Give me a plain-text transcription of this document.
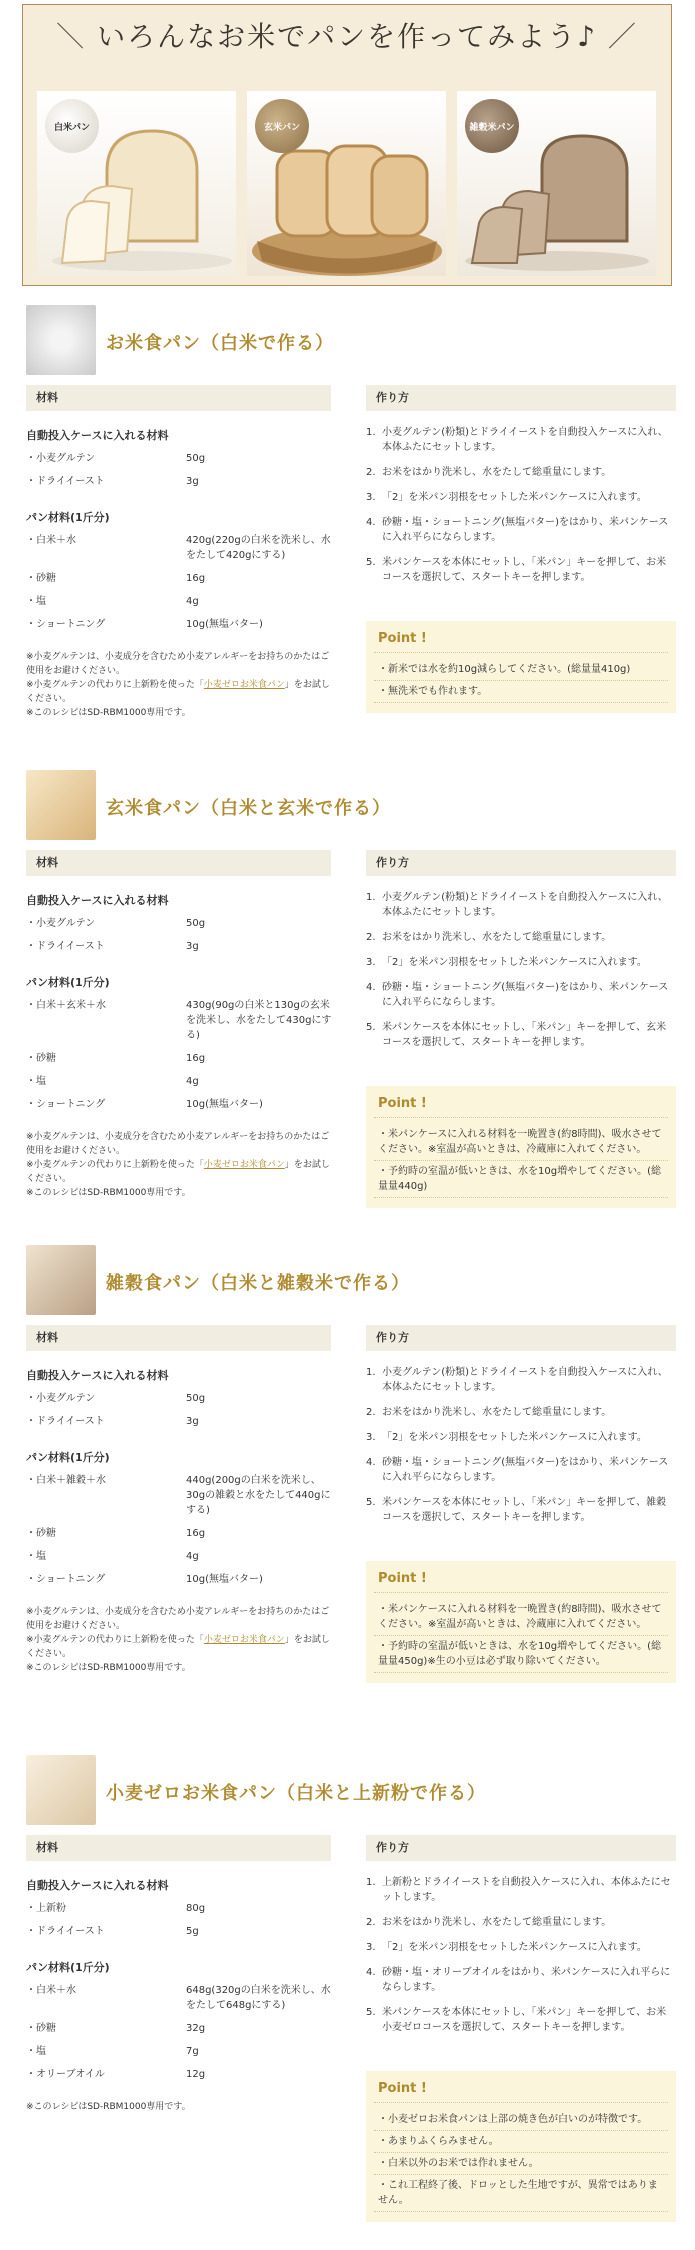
＼ いろんなお米でパンを作ってみよう♪ ／
白米パン	玄米パン	雑穀米パン
お米食パン（白米で作る）
材料	作り方
自動投入ケースに入れる材料
・小麦グルテン	50g
・ドライイースト	3g
パン材料(1斤分)
・白米＋水	420g(220gの白米を洗米し、水をたして420gにする)
・砂糖	16g
・塩	4g
・ショートニング	10g(無塩バター)
※小麦グルテンは、小麦成分を含むため小麦アレルギーをお持ちのかたはご使用をお避けください。
※小麦グルテンの代わりに上新粉を使った「小麦ゼロお米食パン」をお試しください。
※このレシピはSD-RBM1000専用です。
1. 小麦グルテン(粉類)とドライイーストを自動投入ケースに入れ、本体ふたにセットします。
2. お米をはかり洗米し、水をたして総重量にします。
3. 「2」を米パン羽根をセットした米パンケースに入れます。
4. 砂糖・塩・ショートニング(無塩バター)をはかり、米パンケースに入れ平らにならします。
5. 米パンケースを本体にセットし、「米パン」キーを押して、お米コースを選択して、スタートキーを押します。
Point !
・新米では水を約10g減らしてください。(総量量410g)
・無洗米でも作れます。
玄米食パン（白米と玄米で作る）
材料	作り方
自動投入ケースに入れる材料
・小麦グルテン	50g
・ドライイースト	3g
パン材料(1斤分)
・白米＋玄米＋水	430g(90gの白米と130gの玄米を洗米し、水をたして430gにする)
・砂糖	16g
・塩	4g
・ショートニング	10g(無塩バター)
※小麦グルテンは、小麦成分を含むため小麦アレルギーをお持ちのかたはご使用をお避けください。
※小麦グルテンの代わりに上新粉を使った「小麦ゼロお米食パン」をお試しください。
※このレシピはSD-RBM1000専用です。
1. 小麦グルテン(粉類)とドライイーストを自動投入ケースに入れ、本体ふたにセットします。
2. お米をはかり洗米し、水をたして総重量にします。
3. 「2」を米パン羽根をセットした米パンケースに入れます。
4. 砂糖・塩・ショートニング(無塩バター)をはかり、米パンケースに入れ平らにならします。
5. 米パンケースを本体にセットし、「米パン」キーを押して、玄米コースを選択して、スタートキーを押します。
Point !
・米パンケースに入れる材料を一晩置き(約8時間)、吸水させてください。※室温が高いときは、冷蔵庫に入れてください。
・予約時の室温が低いときは、水を10g増やしてください。(総量量440g)
雑穀食パン（白米と雑穀米で作る）
材料	作り方
自動投入ケースに入れる材料
・小麦グルテン	50g
・ドライイースト	3g
パン材料(1斤分)
・白米＋雑穀＋水	440g(200gの白米を洗米し、30gの雑穀と水をたして440gにする)
・砂糖	16g
・塩	4g
・ショートニング	10g(無塩バター)
※小麦グルテンは、小麦成分を含むため小麦アレルギーをお持ちのかたはご使用をお避けください。
※小麦グルテンの代わりに上新粉を使った「小麦ゼロお米食パン」をお試しください。
※このレシピはSD-RBM1000専用です。
1. 小麦グルテン(粉類)とドライイーストを自動投入ケースに入れ、本体ふたにセットします。
2. お米をはかり洗米し、水をたして総重量にします。
3. 「2」を米パン羽根をセットした米パンケースに入れます。
4. 砂糖・塩・ショートニング(無塩バター)をはかり、米パンケースに入れ平らにならします。
5. 米パンケースを本体にセットし、「米パン」キーを押して、雑穀コースを選択して、スタートキーを押します。
Point !
・米パンケースに入れる材料を一晩置き(約8時間)、吸水させてください。※室温が高いときは、冷蔵庫に入れてください。
・予約時の室温が低いときは、水を10g増やしてください。(総量量450g)※生の小豆は必ず取り除いてください。
小麦ゼロお米食パン（白米と上新粉で作る）
材料	作り方
自動投入ケースに入れる材料
・上新粉	80g
・ドライイースト	5g
パン材料(1斤分)
・白米＋水	648g(320gの白米を洗米し、水をたして648gにする)
・砂糖	32g
・塩	7g
・オリーブオイル	12g
※このレシピはSD-RBM1000専用です。
1. 上新粉とドライイーストを自動投入ケースに入れ、本体ふたにセットします。
2. お米をはかり洗米し、水をたして総重量にします。
3. 「2」を米パン羽根をセットした米パンケースに入れます。
4. 砂糖・塩・オリーブオイルをはかり、米パンケースに入れ平らにならします。
5. 米パンケースを本体にセットし、「米パン」キーを押して、お米小麦ゼロコースを選択して、スタートキーを押します。
Point !
・小麦ゼロお米食パンは上部の焼き色が白いのが特徴です。
・あまりふくらみません。
・白米以外のお米では作れません。
・これ工程終了後、ドロッとした生地ですが、異常ではありません。
